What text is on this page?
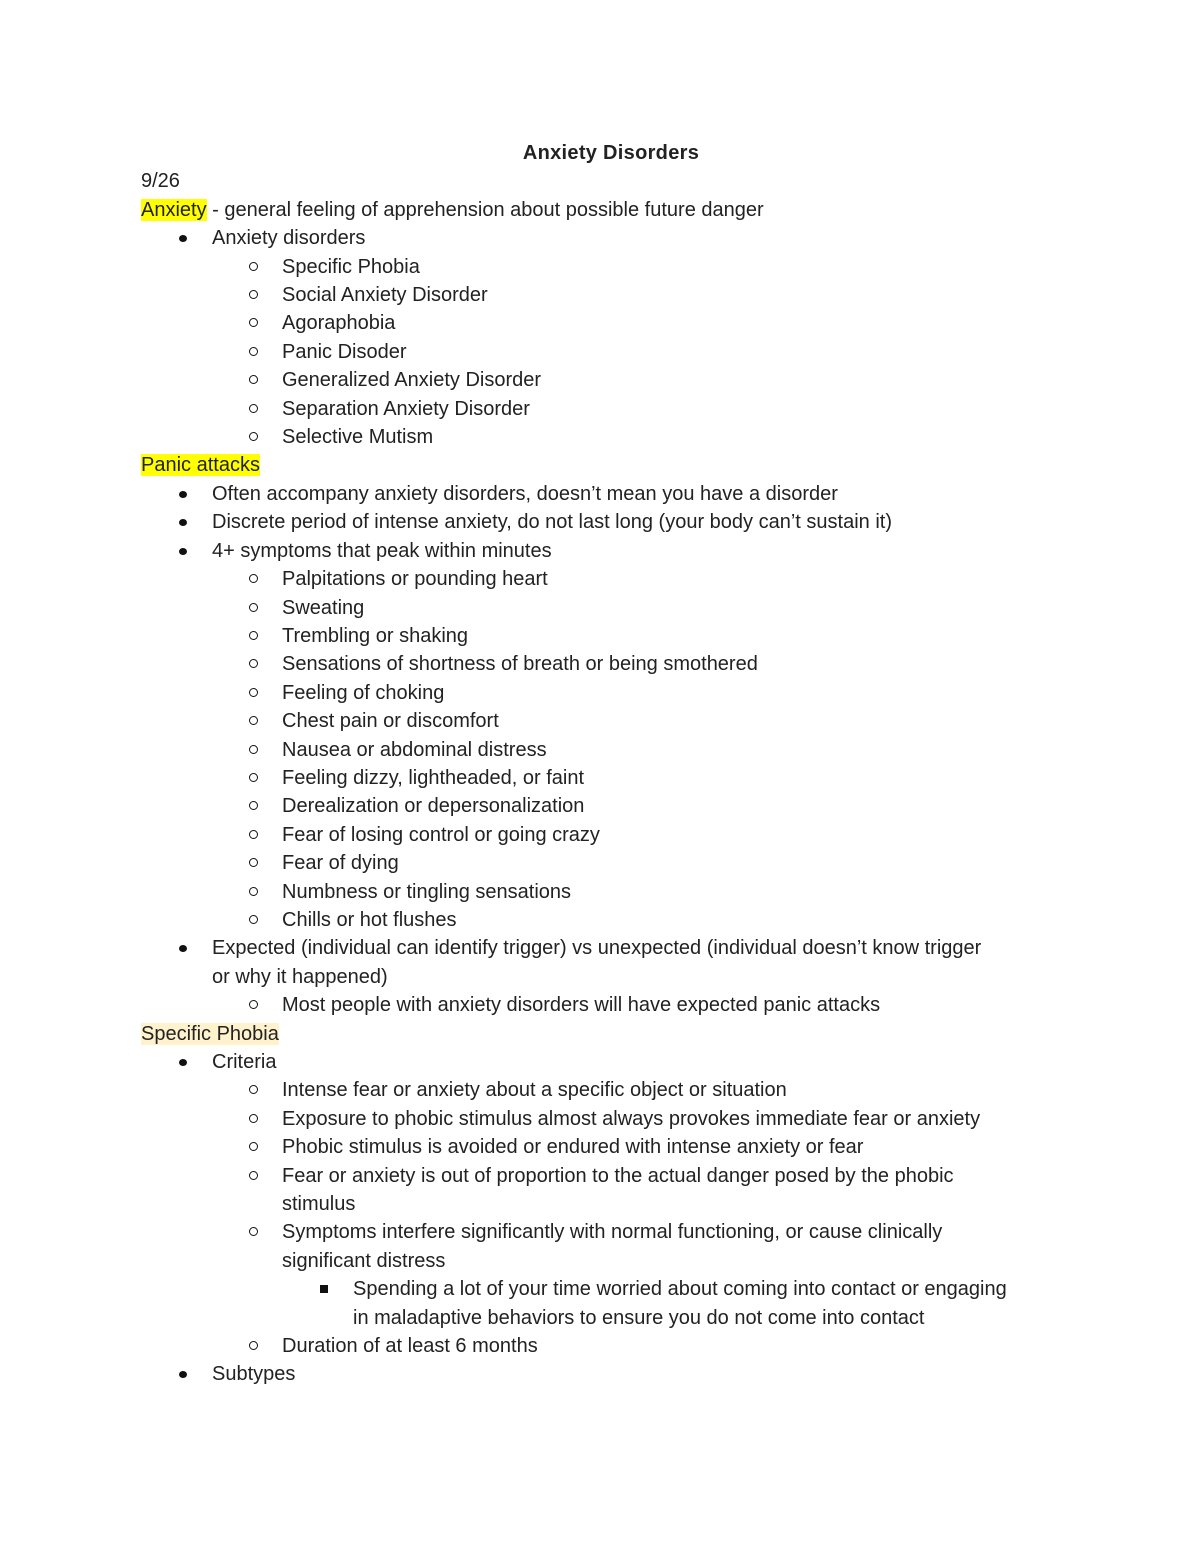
Anxiety Disorders
9/26
Anxiety - general feeling of apprehension about possible future danger
Anxiety disorders
Specific Phobia
Social Anxiety Disorder
Agoraphobia
Panic Disoder
Generalized Anxiety Disorder
Separation Anxiety Disorder
Selective Mutism
Panic attacks
Often accompany anxiety disorders, doesn’t mean you have a disorder
Discrete period of intense anxiety, do not last long (your body can’t sustain it)
4+ symptoms that peak within minutes
Palpitations or pounding heart
Sweating
Trembling or shaking
Sensations of shortness of breath or being smothered
Feeling of choking
Chest pain or discomfort
Nausea or abdominal distress
Feeling dizzy, lightheaded, or faint
Derealization or depersonalization
Fear of losing control or going crazy
Fear of dying
Numbness or tingling sensations
Chills or hot flushes
Expected (individual can identify trigger) vs unexpected (individual doesn’t know trigger
or why it happened)
Most people with anxiety disorders will have expected panic attacks
Specific Phobia
Criteria
Intense fear or anxiety about a specific object or situation
Exposure to phobic stimulus almost always provokes immediate fear or anxiety
Phobic stimulus is avoided or endured with intense anxiety or fear
Fear or anxiety is out of proportion to the actual danger posed by the phobic
stimulus
Symptoms interfere significantly with normal functioning, or cause clinically
significant distress
Spending a lot of your time worried about coming into contact or engaging
in maladaptive behaviors to ensure you do not come into contact
Duration of at least 6 months
Subtypes
